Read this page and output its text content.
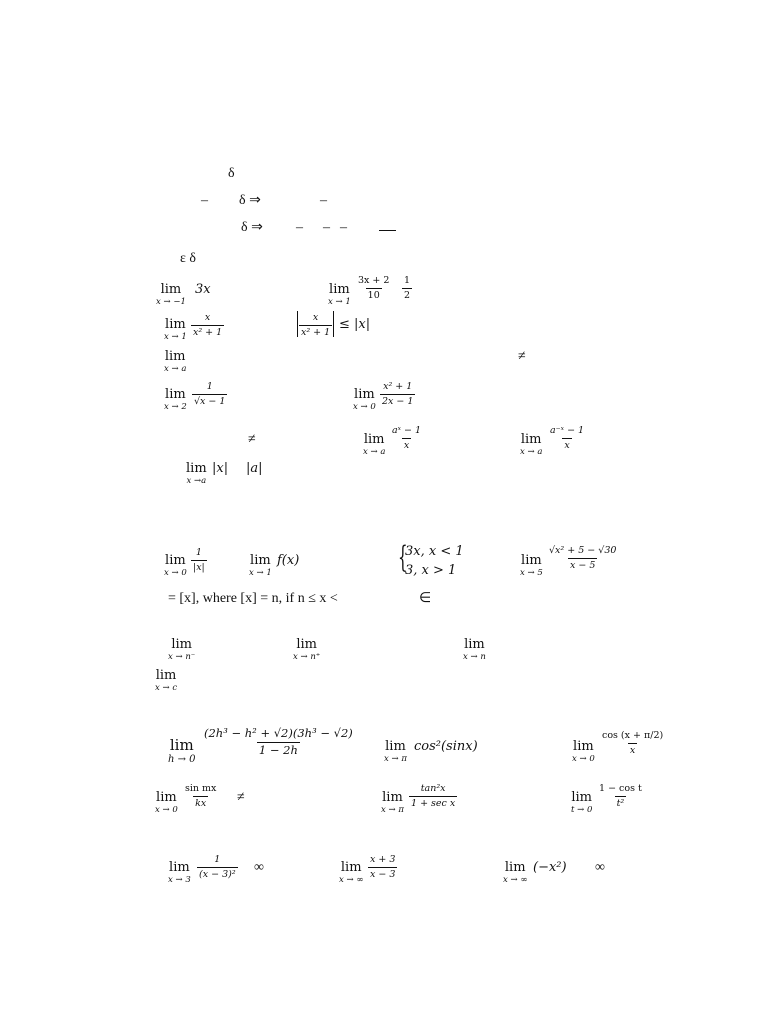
δ
– δ ⇒	–
δ ⇒ – – –
ε δ
lim
x → −1
3x	lim
x → 1
$\frac{3x + 2}{10} \frac{1}{2}$
lim
$x \to 1 \frac{x}{\text{x² + 1}}$	$\frac{x}{\text{x² + 1}} \le |x|$
lim
x → a
≠
lim
x → 2
$\frac{1}{√x - 1}$	lim
x → 0
$\frac{\text{x² + 1}}{2x - 1}$
≠	lim
x → a
$\frac{\text{aˣ − 1}}{x}$	lim
x → a
$\frac{\text{a⁻ˣ − 1}}{x}$
lim
x →a
|x| |a|
lim
x → 0
$\frac{1}{|x|}$	lim
x → 1
f(x)	{
3x, x < 1
3, x > 1
lim
x → 5
$\frac{\text{√x² + 5 − √30}}{x - 5}$
= [x], where [x] = n, if n ≤ x <	∈
lim
x → n⁻
lim
x → n⁺
lim
x → n
lim
x → c
lim
h → 0
$\frac{\text{(2h³ − h² + √2)(3h³ − √2)}}{1 - 2h}$ lim
x → π
cos²(sinx)	lim
x → 0
$\frac{\cos (x + \pi/2)}{x}$
lim
x → 0
$\frac{\text{sin mx}}{kx}$ ≠	lim
x → π
tan²x
1 + sec x	lim
t → 0
$\frac{\text{1 − cos t}}{\text{t²}}$
lim
x → 3
$\frac{1}{\text{(x − 3)²}}$ ∞	lim
x → ∞
$\frac{x + 3}{x - 3}$	lim
x → ∞
(−x²) ∞
